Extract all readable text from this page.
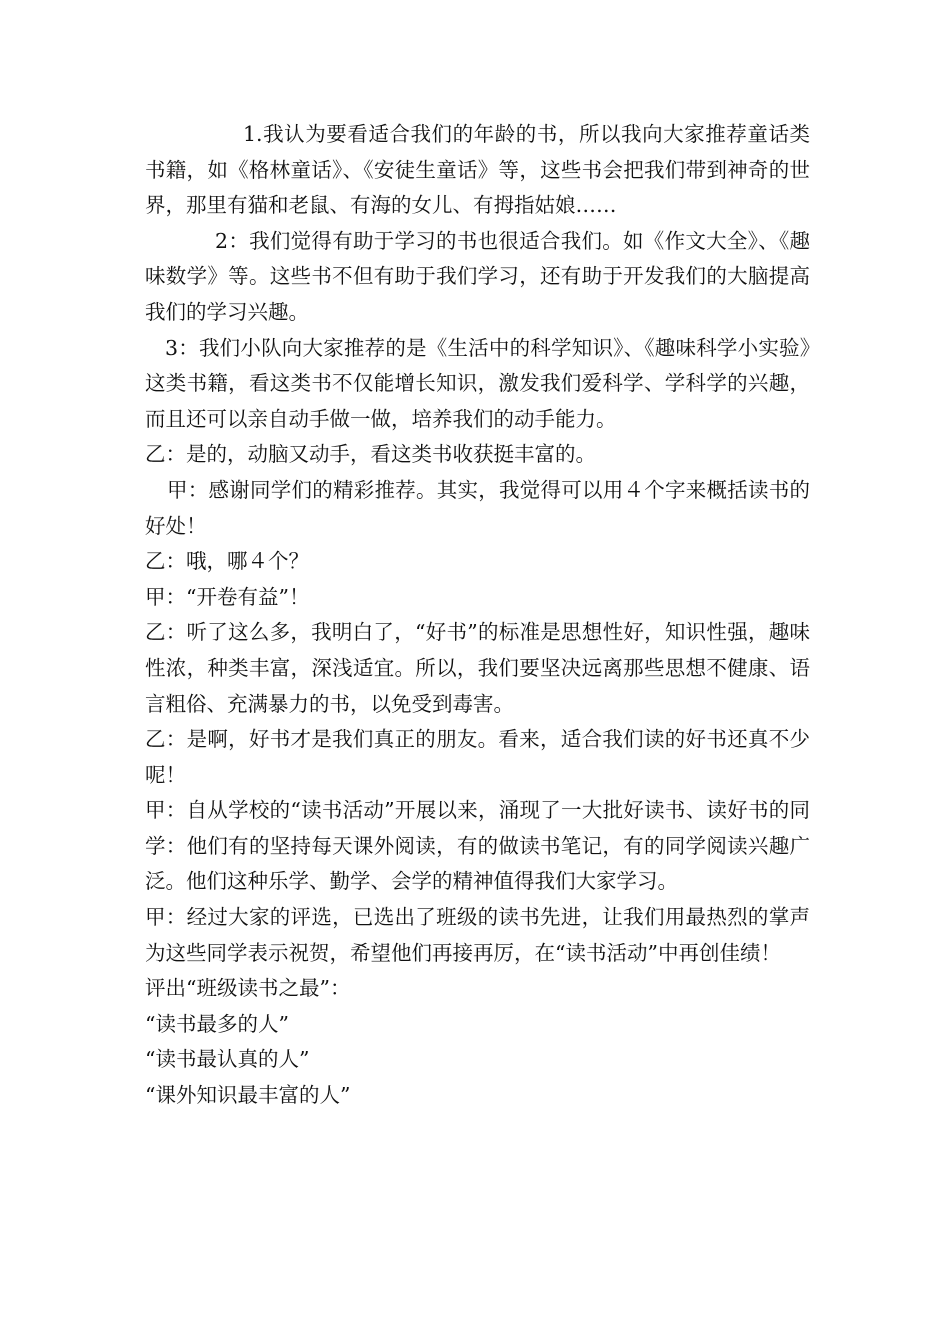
1.我认为要看适合我们的年龄的书，所以我向大家推荐童话类书籍，如《格林童话》、《安徒生童话》等，这些书会把我们带到神奇的世界，那里有猫和老鼠、有海的女儿、有拇指姑娘……

2：我们觉得有助于学习的书也很适合我们。如《作文大全》、《趣味数学》等。这些书不但有助于我们学习，还有助于开发我们的大脑提高我们的学习兴趣。

3：我们小队向大家推荐的是《生活中的科学知识》、《趣味科学小实验》这类书籍，看这类书不仅能增长知识，激发我们爱科学、学科学的兴趣，而且还可以亲自动手做一做，培养我们的动手能力。

乙：是的，动脑又动手，看这类书收获挺丰富的。

甲：感谢同学们的精彩推荐。其实，我觉得可以用４个字来概括读书的好处！

乙：哦，哪４个？

甲：“开卷有益”！

乙：听了这么多，我明白了，“好书”的标准是思想性好，知识性强，趣味性浓，种类丰富，深浅适宜。所以，我们要坚决远离那些思想不健康、语言粗俗、充满暴力的书，以免受到毒害。

乙：是啊，好书才是我们真正的朋友。看来，适合我们读的好书还真不少呢！

甲：自从学校的“读书活动”开展以来，涌现了一大批好读书、读好书的同学：他们有的坚持每天课外阅读，有的做读书笔记，有的同学阅读兴趣广泛。他们这种乐学、勤学、会学的精神值得我们大家学习。

甲：经过大家的评选，已选出了班级的读书先进，让我们用最热烈的掌声为这些同学表示祝贺，希望他们再接再厉，在“读书活动”中再创佳绩！

评出“班级读书之最”：

“读书最多的人”

“读书最认真的人”

“课外知识最丰富的人”
